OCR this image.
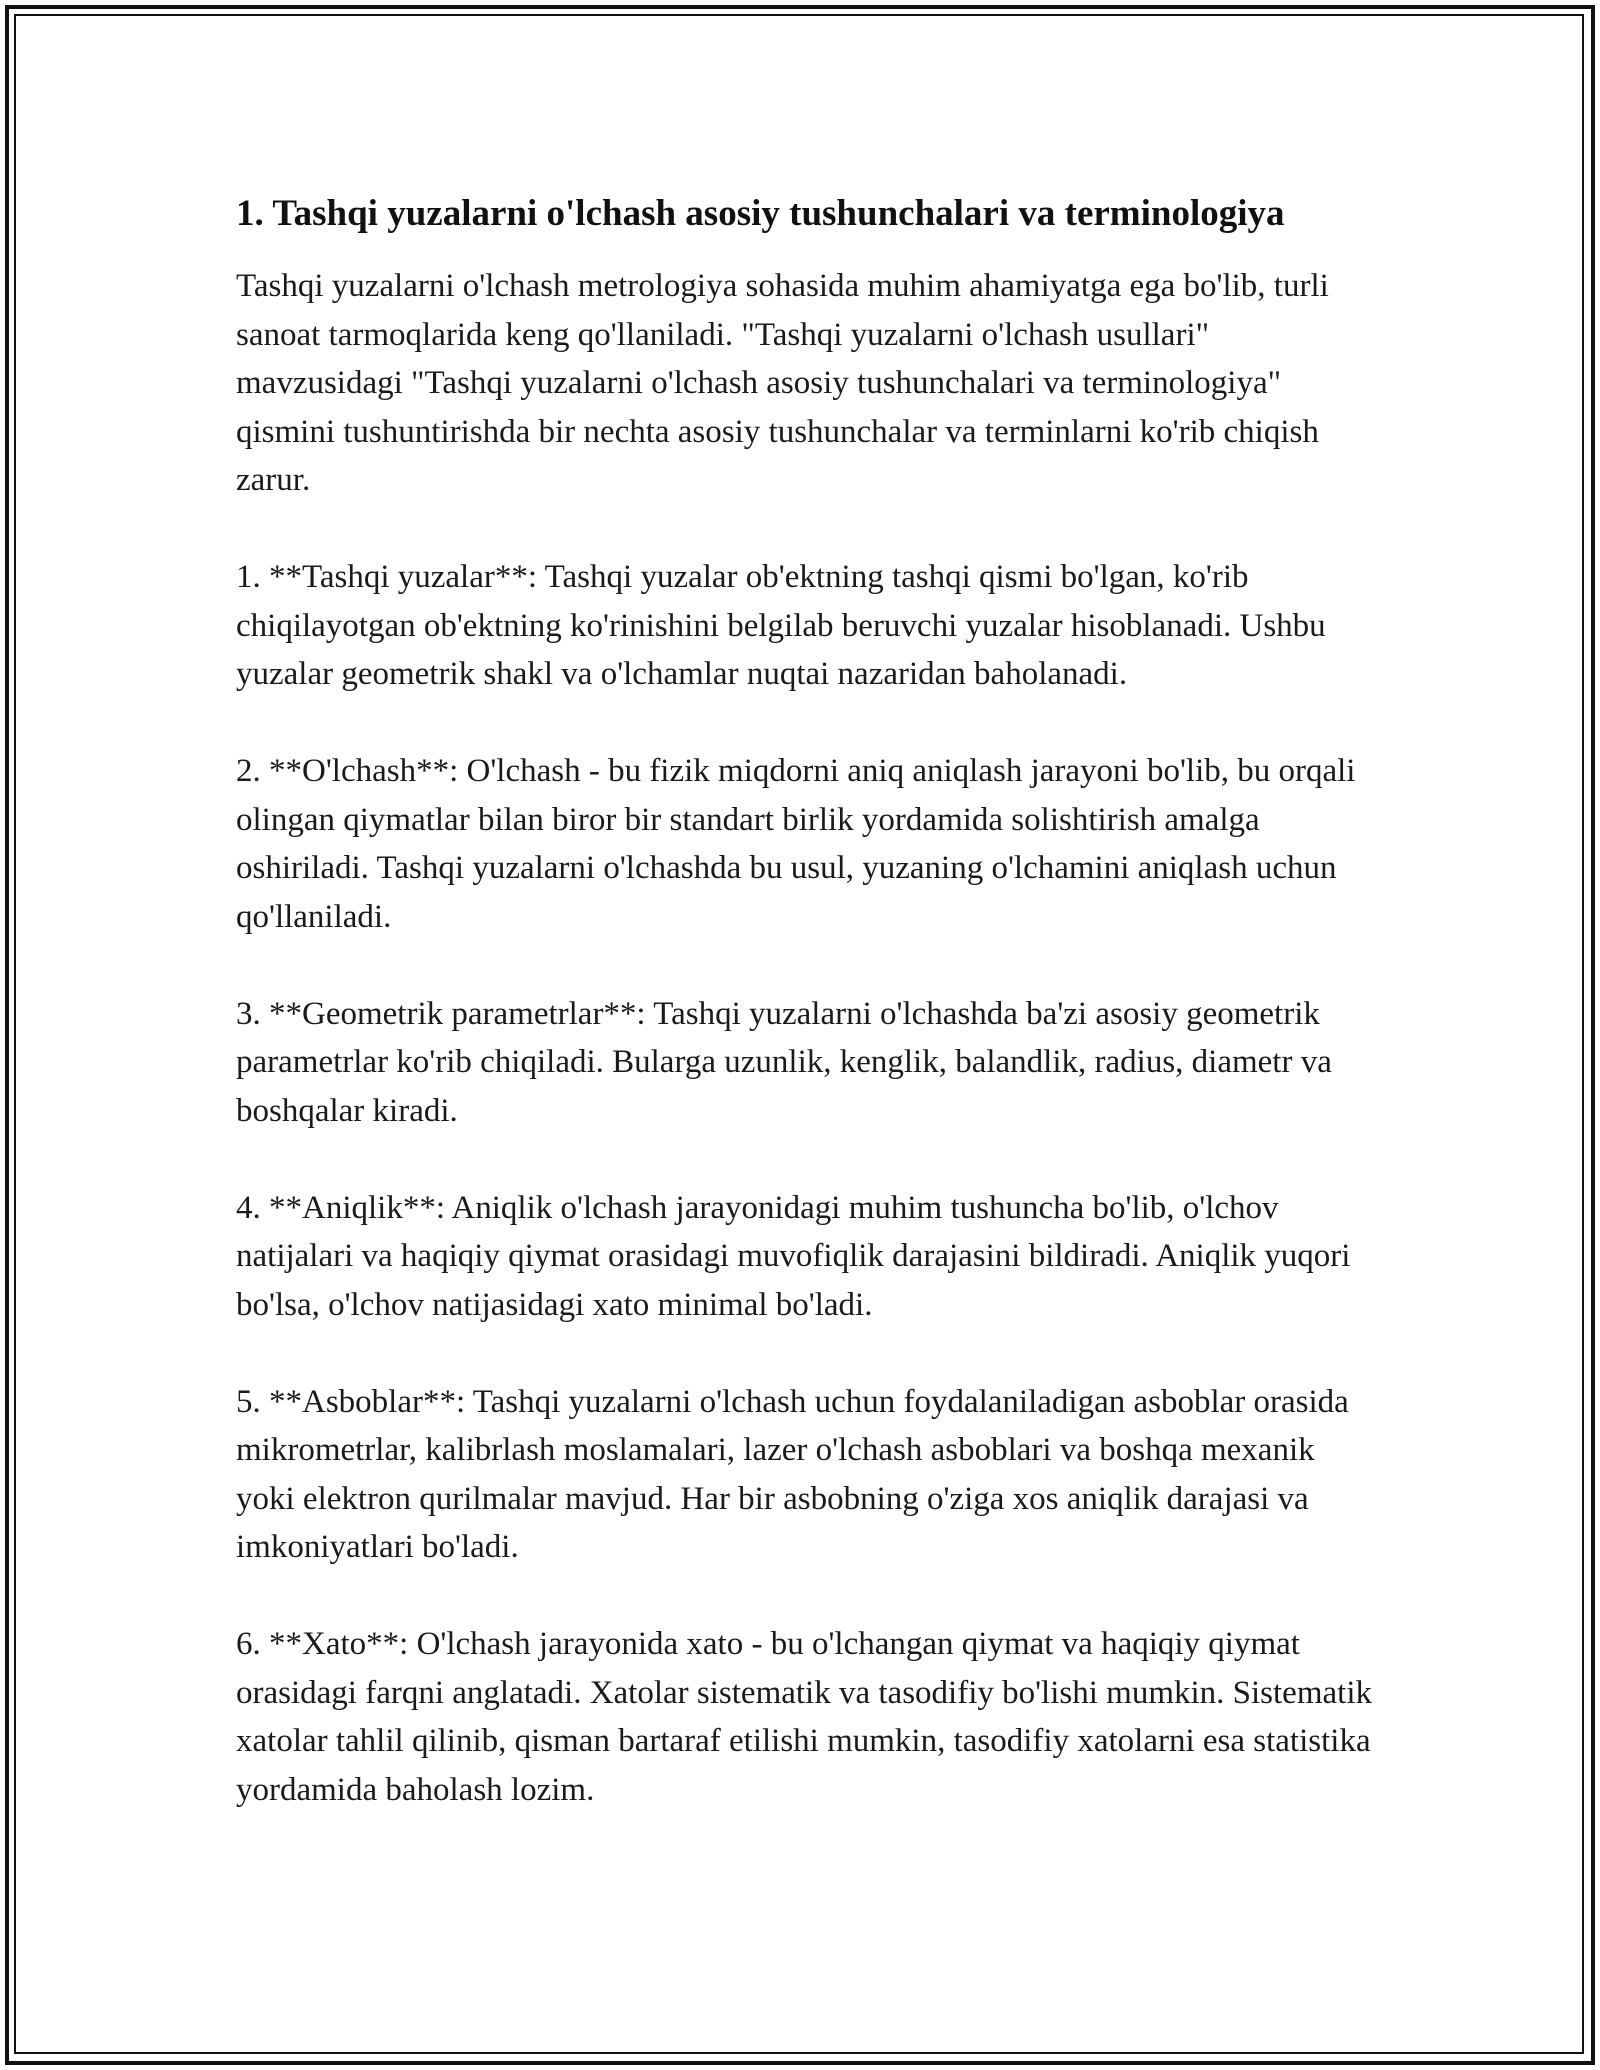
1. Tashqi yuzalarni o'lchash asosiy tushunchalari va terminologiya

Tashqi yuzalarni o'lchash metrologiya sohasida muhim ahamiyatga ega bo'lib, turli sanoat tarmoqlarida keng qo'llaniladi. "Tashqi yuzalarni o'lchash usullari" mavzusidagi "Tashqi yuzalarni o'lchash asosiy tushunchalari va terminologiya" qismini tushuntirishda bir nechta asosiy tushunchalar va terminlarni ko'rib chiqish zarur.

1. **Tashqi yuzalar**: Tashqi yuzalar ob'ektning tashqi qismi bo'lgan, ko'rib chiqilayotgan ob'ektning ko'rinishini belgilab beruvchi yuzalar hisoblanadi. Ushbu yuzalar geometrik shakl va o'lchamlar nuqtai nazaridan baholanadi.

2. **O'lchash**: O'lchash - bu fizik miqdorni aniq aniqlash jarayoni bo'lib, bu orqali olingan qiymatlar bilan biror bir standart birlik yordamida solishtirish amalga oshiriladi. Tashqi yuzalarni o'lchashda bu usul, yuzaning o'lchamini aniqlash uchun qo'llaniladi.

3. **Geometrik parametrlar**: Tashqi yuzalarni o'lchashda ba'zi asosiy geometrik parametrlar ko'rib chiqiladi. Bularga uzunlik, kenglik, balandlik, radius, diametr va boshqalar kiradi.

4. **Aniqlik**: Aniqlik o'lchash jarayonidagi muhim tushuncha bo'lib, o'lchov natijalari va haqiqiy qiymat orasidagi muvofiqlik darajasini bildiradi. Aniqlik yuqori bo'lsa, o'lchov natijasidagi xato minimal bo'ladi.

5. **Asboblar**: Tashqi yuzalarni o'lchash uchun foydalaniladigan asboblar orasida mikrometrlar, kalibrlash moslamalari, lazer o'lchash asboblari va boshqa mexanik yoki elektron qurilmalar mavjud. Har bir asbobning o'ziga xos aniqlik darajasi va imkoniyatlari bo'ladi.

6. **Xato**: O'lchash jarayonida xato - bu o'lchangan qiymat va haqiqiy qiymat orasidagi farqni anglatadi. Xatolar sistematik va tasodifiy bo'lishi mumkin. Sistematik xatolar tahlil qilinib, qisman bartaraf etilishi mumkin, tasodifiy xatolarni esa statistika yordamida baholash lozim.
